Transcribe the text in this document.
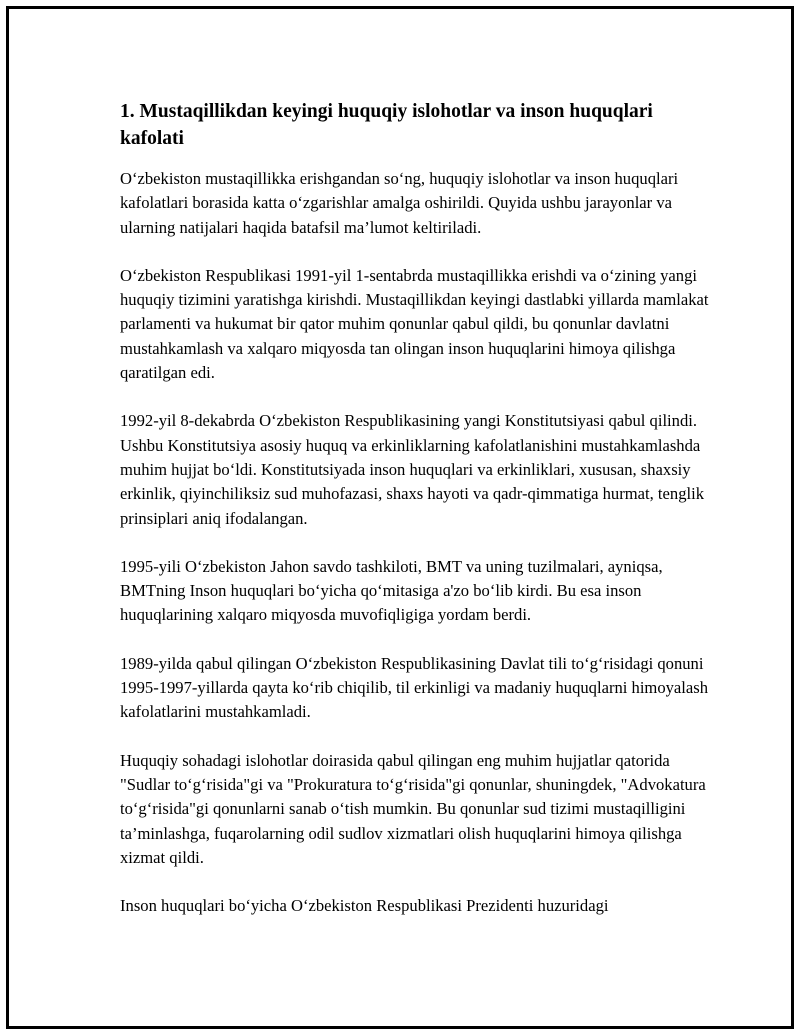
1. Mustaqillikdan keyingi huquqiy islohotlar va inson huquqlari kafolati

O‘zbekiston mustaqillikka erishgandan so‘ng, huquqiy islohotlar va inson huquqlari kafolatlari borasida katta o‘zgarishlar amalga oshirildi. Quyida ushbu jarayonlar va ularning natijalari haqida batafsil ma’lumot keltiriladi.

O‘zbekiston Respublikasi 1991-yil 1-sentabrda mustaqillikka erishdi va o‘zining yangi huquqiy tizimini yaratishga kirishdi. Mustaqillikdan keyingi dastlabki yillarda mamlakat parlamenti va hukumat bir qator muhim qonunlar qabul qildi, bu qonunlar davlatni mustahkamlash va xalqaro miqyosda tan olingan inson huquqlarini himoya qilishga qaratilgan edi.

1992-yil 8-dekabrda O‘zbekiston Respublikasining yangi Konstitutsiyasi qabul qilindi. Ushbu Konstitutsiya asosiy huquq va erkinliklarning kafolatlanishini mustahkamlashda muhim hujjat bo‘ldi. Konstitutsiyada inson huquqlari va erkinliklari, xususan, shaxsiy erkinlik, qiyinchiliksiz sud muhofazasi, shaxs hayoti va qadr-qimmatiga hurmat, tenglik prinsiplari aniq ifodalangan.

1995-yili O‘zbekiston Jahon savdo tashkiloti, BMT va uning tuzilmalari, ayniqsa, BMTning Inson huquqlari bo‘yicha qo‘mitasiga a'zo bo‘lib kirdi. Bu esa inson huquqlarining xalqaro miqyosda muvofiqligiga yordam berdi.

1989-yilda qabul qilingan O‘zbekiston Respublikasining Davlat tili to‘g‘risidagi qonuni 1995-1997-yillarda qayta ko‘rib chiqilib, til erkinligi va madaniy huquqlarni himoyalash kafolatlarini mustahkamladi.

Huquqiy sohadagi islohotlar doirasida qabul qilingan eng muhim hujjatlar qatorida "Sudlar to‘g‘risida"gi va "Prokuratura to‘g‘risida"gi qonunlar, shuningdek, "Advokatura to‘g‘risida"gi qonunlarni sanab o‘tish mumkin. Bu qonunlar sud tizimi mustaqilligini ta’minlashga, fuqarolarning odil sudlov xizmatlari olish huquqlarini himoya qilishga xizmat qildi.

Inson huquqlari bo‘yicha O‘zbekiston Respublikasi Prezidenti huzuridagi
